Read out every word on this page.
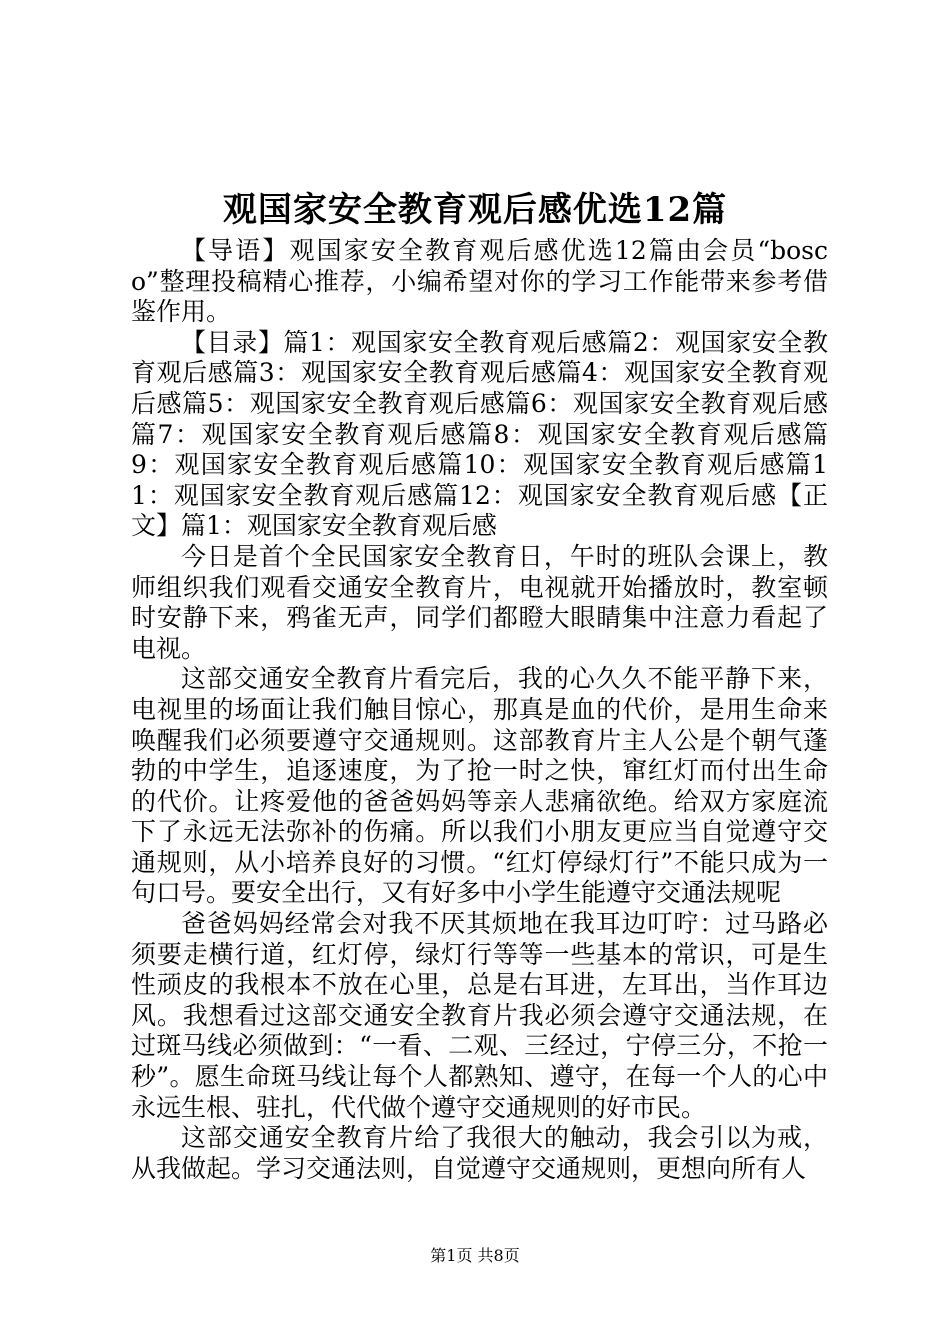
观国家安全教育观后感优选12篇

【导语】观国家安全教育观后感优选12篇由会员“bosco”整理投稿精心推荐，小编希望对你的学习工作能带来参考借鉴作用。

【目录】篇1：观国家安全教育观后感篇2：观国家安全教育观后感篇3：观国家安全教育观后感篇4：观国家安全教育观后感篇5：观国家安全教育观后感篇6：观国家安全教育观后感篇7：观国家安全教育观后感篇8：观国家安全教育观后感篇9：观国家安全教育观后感篇10：观国家安全教育观后感篇11：观国家安全教育观后感篇12：观国家安全教育观后感【正文】篇1：观国家安全教育观后感

今日是首个全民国家安全教育日，午时的班队会课上，教师组织我们观看交通安全教育片，电视就开始播放时，教室顿时安静下来，鸦雀无声，同学们都瞪大眼睛集中注意力看起了电视。

这部交通安全教育片看完后，我的心久久不能平静下来，电视里的场面让我们触目惊心，那真是血的代价，是用生命来唤醒我们必须要遵守交通规则。这部教育片主人公是个朝气蓬勃的中学生，追逐速度，为了抢一时之快，窜红灯而付出生命的代价。让疼爱他的爸爸妈妈等亲人悲痛欲绝。给双方家庭流下了永远无法弥补的伤痛。所以我们小朋友更应当自觉遵守交通规则，从小培养良好的习惯。“红灯停绿灯行”不能只成为一句口号。要安全出行，又有好多中小学生能遵守交通法规呢

爸爸妈妈经常会对我不厌其烦地在我耳边叮咛：过马路必须要走横行道，红灯停，绿灯行等等一些基本的常识，可是生性顽皮的我根本不放在心里，总是右耳进，左耳出，当作耳边风。我想看过这部交通安全教育片我必须会遵守交通法规，在过斑马线必须做到：“一看、二观、三经过，宁停三分，不抢一秒”。愿生命斑马线让每个人都熟知、遵守，在每一个人的心中永远生根、驻扎，代代做个遵守交通规则的好市民。

这部交通安全教育片给了我很大的触动，我会引以为戒，从我做起。学习交通法则，自觉遵守交通规则，更想向所有人

第1页 共8页
